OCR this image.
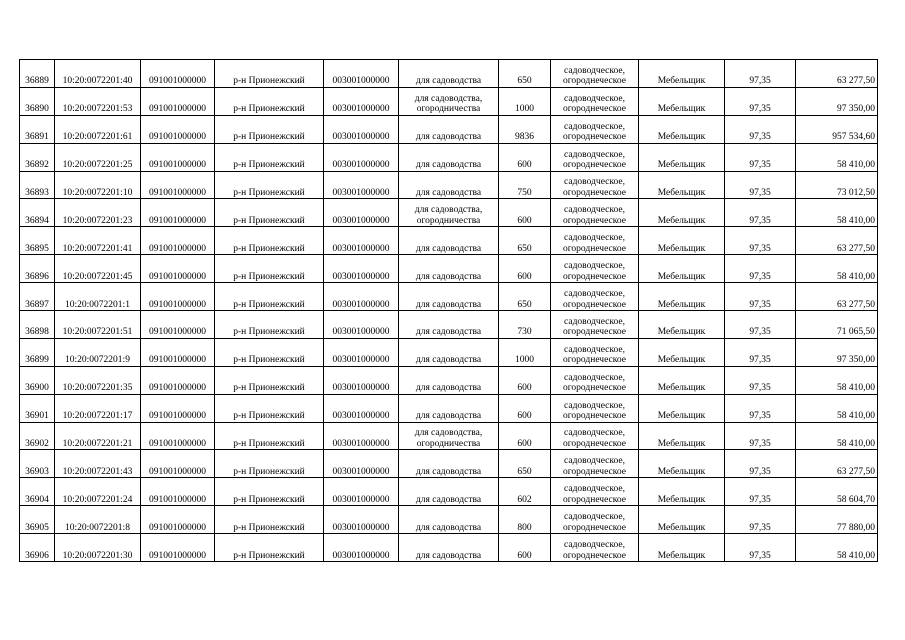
36889	10:20:0072201:40	091001000000	р-н Прионежский	003001000000	для садоводства	650	садоводческое,
огороднеческое	Мебельщик	97,35	63 277,50
36890	10:20:0072201:53	091001000000	р-н Прионежский	003001000000	для садоводства,
огородничества	1000	садоводческое,
огороднеческое	Мебельщик	97,35	97 350,00
36891	10:20:0072201:61	091001000000	р-н Прионежский	003001000000	для садоводства	9836	садоводческое,
огороднеческое	Мебельщик	97,35	957 534,60
36892	10:20:0072201:25	091001000000	р-н Прионежский	003001000000	для садоводства	600	садоводческое,
огороднеческое	Мебельщик	97,35	58 410,00
36893	10:20:0072201:10	091001000000	р-н Прионежский	003001000000	для садоводства	750	садоводческое,
огороднеческое	Мебельщик	97,35	73 012,50
36894	10:20:0072201:23	091001000000	р-н Прионежский	003001000000	для садоводства,
огородничества	600	садоводческое,
огороднеческое	Мебельщик	97,35	58 410,00
36895	10:20:0072201:41	091001000000	р-н Прионежский	003001000000	для садоводства	650	садоводческое,
огороднеческое	Мебельщик	97,35	63 277,50
36896	10:20:0072201:45	091001000000	р-н Прионежский	003001000000	для садоводства	600	садоводческое,
огороднеческое	Мебельщик	97,35	58 410,00
36897	10:20:0072201:1	091001000000	р-н Прионежский	003001000000	для садоводства	650	садоводческое,
огороднеческое	Мебельщик	97,35	63 277,50
36898	10:20:0072201:51	091001000000	р-н Прионежский	003001000000	для садоводства	730	садоводческое,
огороднеческое	Мебельщик	97,35	71 065,50
36899	10:20:0072201:9	091001000000	р-н Прионежский	003001000000	для садоводства	1000	садоводческое,
огороднеческое	Мебельщик	97,35	97 350,00
36900	10:20:0072201:35	091001000000	р-н Прионежский	003001000000	для садоводства	600	садоводческое,
огороднеческое	Мебельщик	97,35	58 410,00
36901	10:20:0072201:17	091001000000	р-н Прионежский	003001000000	для садоводства	600	садоводческое,
огороднеческое	Мебельщик	97,35	58 410,00
36902	10:20:0072201:21	091001000000	р-н Прионежский	003001000000	для садоводства,
огородничества	600	садоводческое,
огороднеческое	Мебельщик	97,35	58 410,00
36903	10:20:0072201:43	091001000000	р-н Прионежский	003001000000	для садоводства	650	садоводческое,
огороднеческое	Мебельщик	97,35	63 277,50
36904	10:20:0072201:24	091001000000	р-н Прионежский	003001000000	для садоводства	602	садоводческое,
огороднеческое	Мебельщик	97,35	58 604,70
36905	10:20:0072201:8	091001000000	р-н Прионежский	003001000000	для садоводства	800	садоводческое,
огороднеческое	Мебельщик	97,35	77 880,00
36906	10:20:0072201:30	091001000000	р-н Прионежский	003001000000	для садоводства	600	садоводческое,
огороднеческое	Мебельщик	97,35	58 410,00
